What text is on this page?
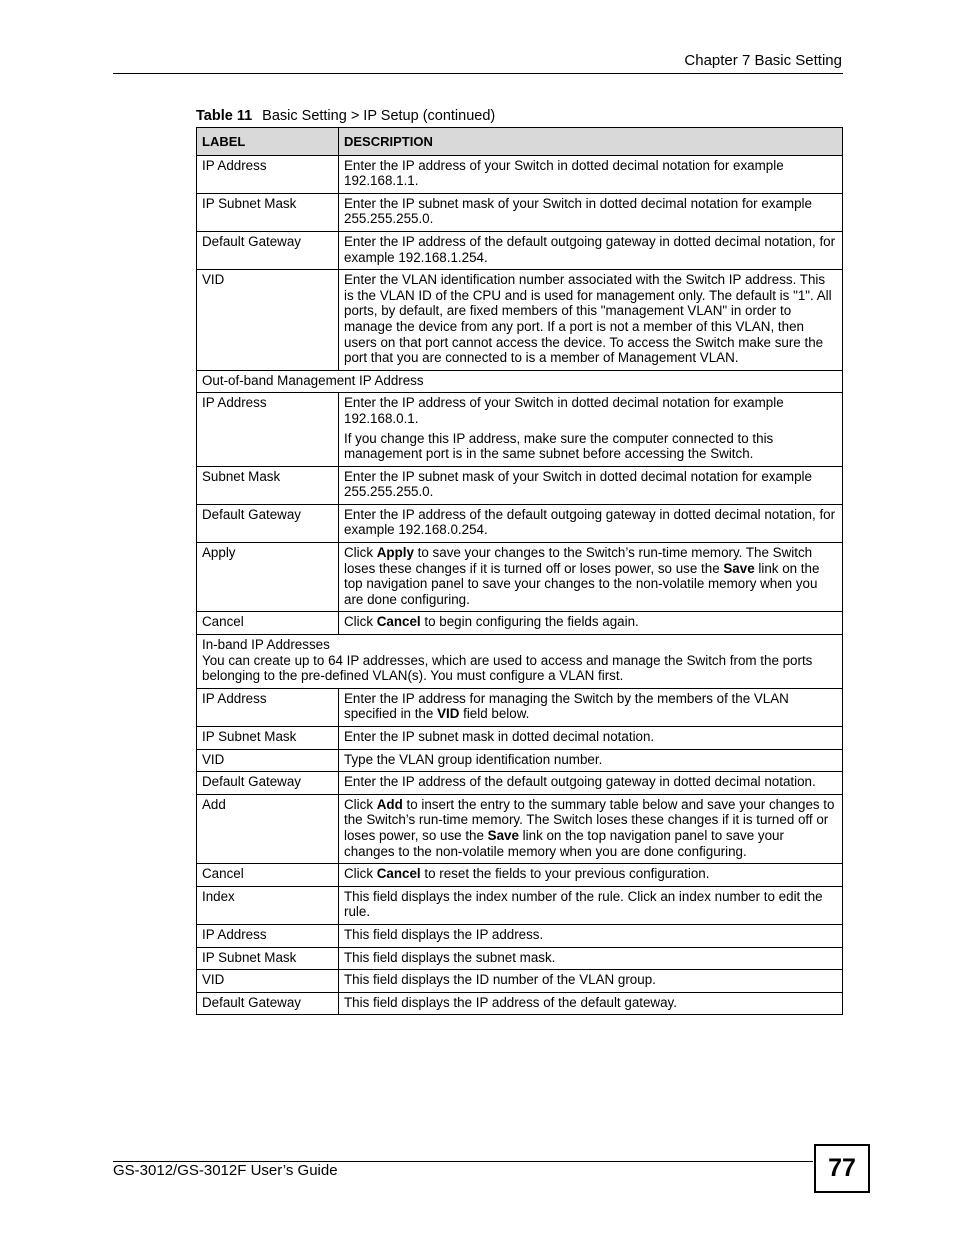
Chapter 7 Basic Setting
Table 11 Basic Setting > IP Setup (continued)
LABEL	DESCRIPTION
IP Address	Enter the IP address of your Switch in dotted decimal notation for example 192.168.1.1.
IP Subnet Mask	Enter the IP subnet mask of your Switch in dotted decimal notation for example 255.255.255.0.
Default Gateway	Enter the IP address of the default outgoing gateway in dotted decimal notation, for example 192.168.1.254.
VID	Enter the VLAN identification number associated with the Switch IP address. This is the VLAN ID of the CPU and is used for management only. The default is "1". All ports, by default, are fixed members of this "management VLAN" in order to manage the device from any port. If a port is not a member of this VLAN, then users on that port cannot access the device. To access the Switch make sure the port that you are connected to is a member of Management VLAN.
Out-of-band Management IP Address	
IP Address	Enter the IP address of your Switch in dotted decimal notation for example 192.168.0.1.

If you change this IP address, make sure the computer connected to this management port is in the same subnet before accessing the Switch.

Subnet Mask	Enter the IP subnet mask of your Switch in dotted decimal notation for example 255.255.255.0.
Default Gateway	Enter the IP address of the default outgoing gateway in dotted decimal notation, for example 192.168.0.254.
Apply	Click Apply to save your changes to the Switch’s run-time memory. The Switch loses these changes if it is turned off or loses power, so use the Save link on the top navigation panel to save your changes to the non-volatile memory when you are done configuring.
Cancel	Click Cancel to begin configuring the fields again.

In-band IP Addresses

You can create up to 64 IP addresses, which are used to access and manage the Switch from the ports belonging to the pre-defined VLAN(s). You must configure a VLAN first.	

IP Address	Enter the IP address for managing the Switch by the members of the VLAN specified in the VID field below.
IP Subnet Mask	Enter the IP subnet mask in dotted decimal notation.
VID	Type the VLAN group identification number.
Default Gateway	Enter the IP address of the default outgoing gateway in dotted decimal notation.
Add	Click Add to insert the entry to the summary table below and save your changes to the Switch’s run-time memory. The Switch loses these changes if it is turned off or loses power, so use the Save link on the top navigation panel to save your changes to the non-volatile memory when you are done configuring.
Cancel	Click Cancel to reset the fields to your previous configuration.
Index	This field displays the index number of the rule. Click an index number to edit the rule.
IP Address	This field displays the IP address.
IP Subnet Mask	This field displays the subnet mask.
VID	This field displays the ID number of the VLAN group.
Default Gateway	This field displays the IP address of the default gateway.
GS-3012/GS-3012F User’s Guide	77
